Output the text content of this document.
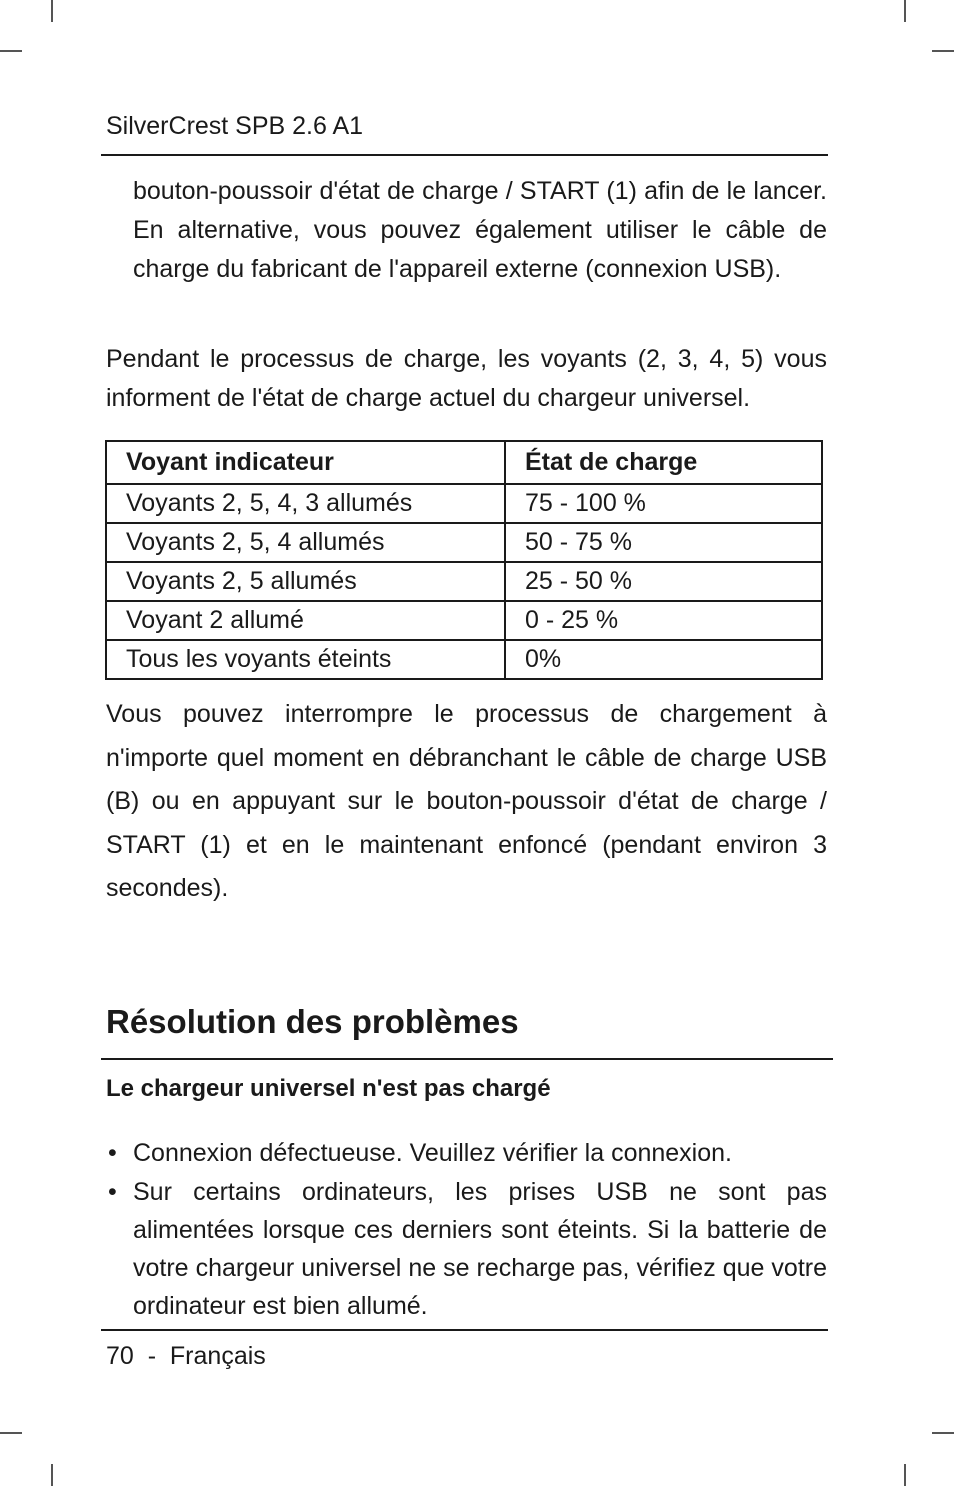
SilverCrest SPB 2.6 A1

bouton-poussoir d'état de charge / START (1) afin de le lancer. En alternative, vous pouvez également utiliser le câble de charge du fabricant de l'appareil externe (connexion USB).

Pendant le processus de charge, les voyants (2, 3, 4, 5) vous informent de l'état de charge actuel du chargeur universel.

Voyant indicateur	État de charge
Voyants 2, 5, 4, 3 allumés	75 - 100 %
Voyants 2, 5, 4 allumés	50 - 75 %
Voyants 2, 5 allumés	25 - 50 %
Voyant 2 allumé	0 - 25 %
Tous les voyants éteints	0%

Vous pouvez interrompre le processus de chargement à n'importe quel moment en débranchant le câble de charge USB (B) ou en appuyant sur le bouton-poussoir d'état de charge / START (1) et en le maintenant enfoncé (pendant environ 3 secondes).

Résolution des problèmes
Le chargeur universel n'est pas chargé
• Connexion défectueuse. Veuillez vérifier la connexion.
• Sur certains ordinateurs, les prises USB ne sont pas alimentées lorsque ces derniers sont éteints. Si la batterie de votre chargeur universel ne se recharge pas, vérifiez que votre ordinateur est bien allumé.
70  -  Français
